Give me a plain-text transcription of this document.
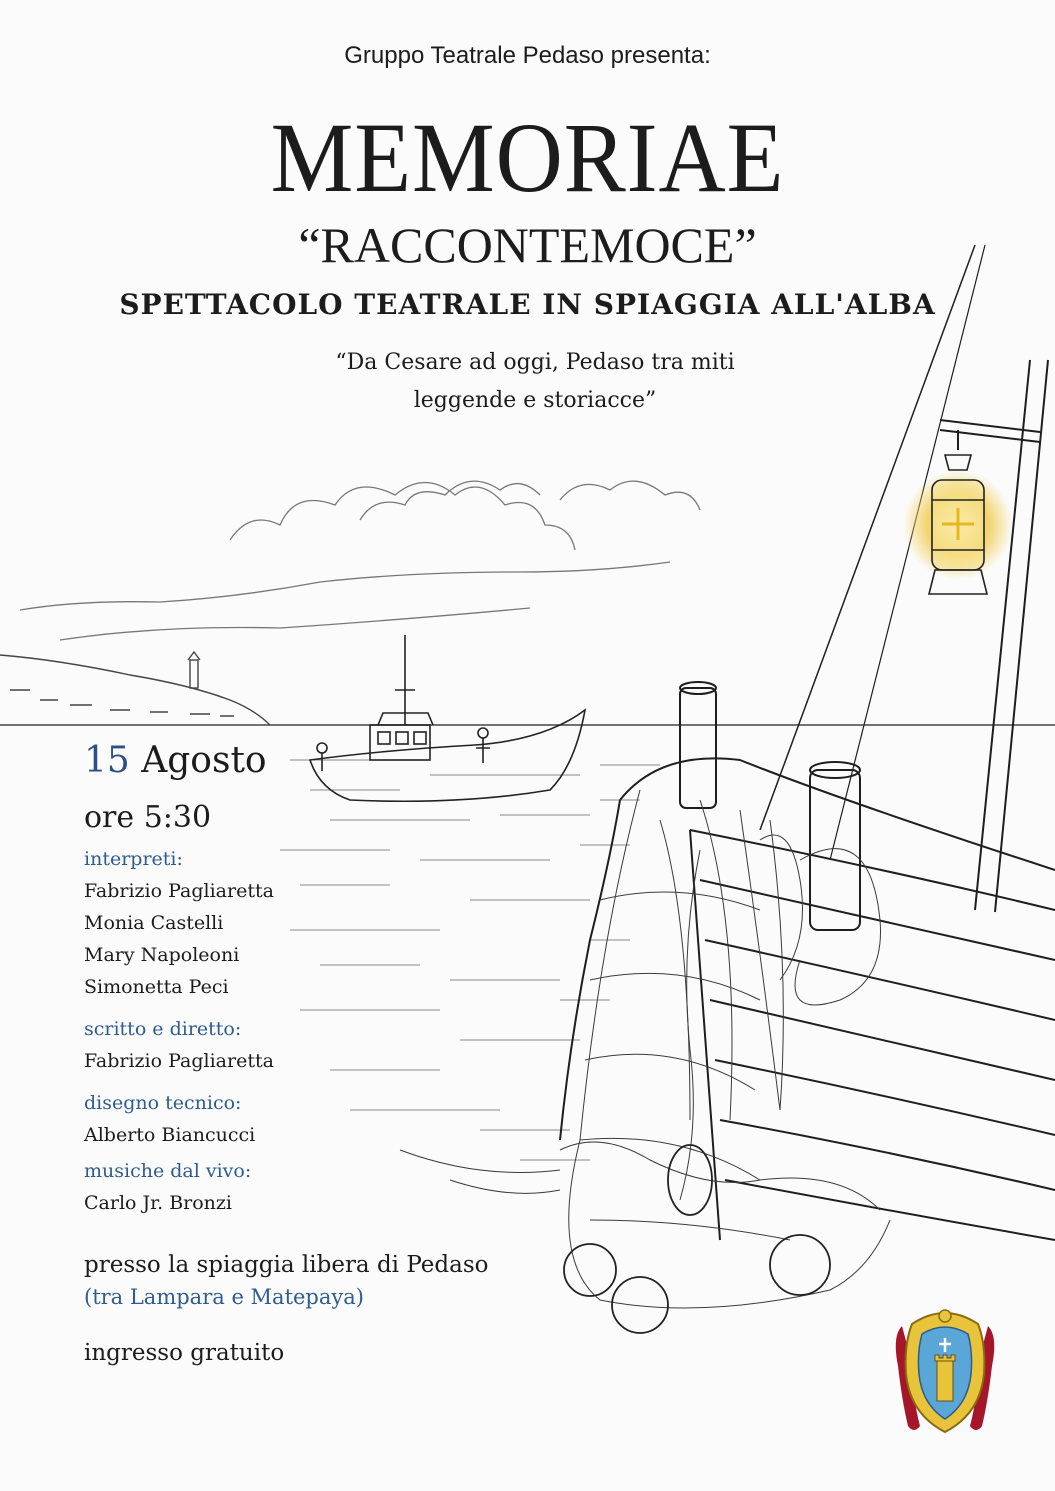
Gruppo Teatrale Pedaso presenta:
MEMORIAE
“RACCONTEMOCE”
SPETTACOLO TEATRALE IN SPIAGGIA ALL'ALBA
“Da Cesare ad oggi, Pedaso tra miti
leggende e storiacce”
15 Agosto
ore 5:30
interpreti:
Fabrizio Pagliaretta
Monia Castelli
Mary Napoleoni
Simonetta Peci
scritto e diretto:
Fabrizio Pagliaretta
disegno tecnico:
Alberto Biancucci
musiche dal vivo:
Carlo Jr. Bronzi
presso la spiaggia libera di Pedaso
(tra Lampara e Matepaya)
ingresso gratuito
